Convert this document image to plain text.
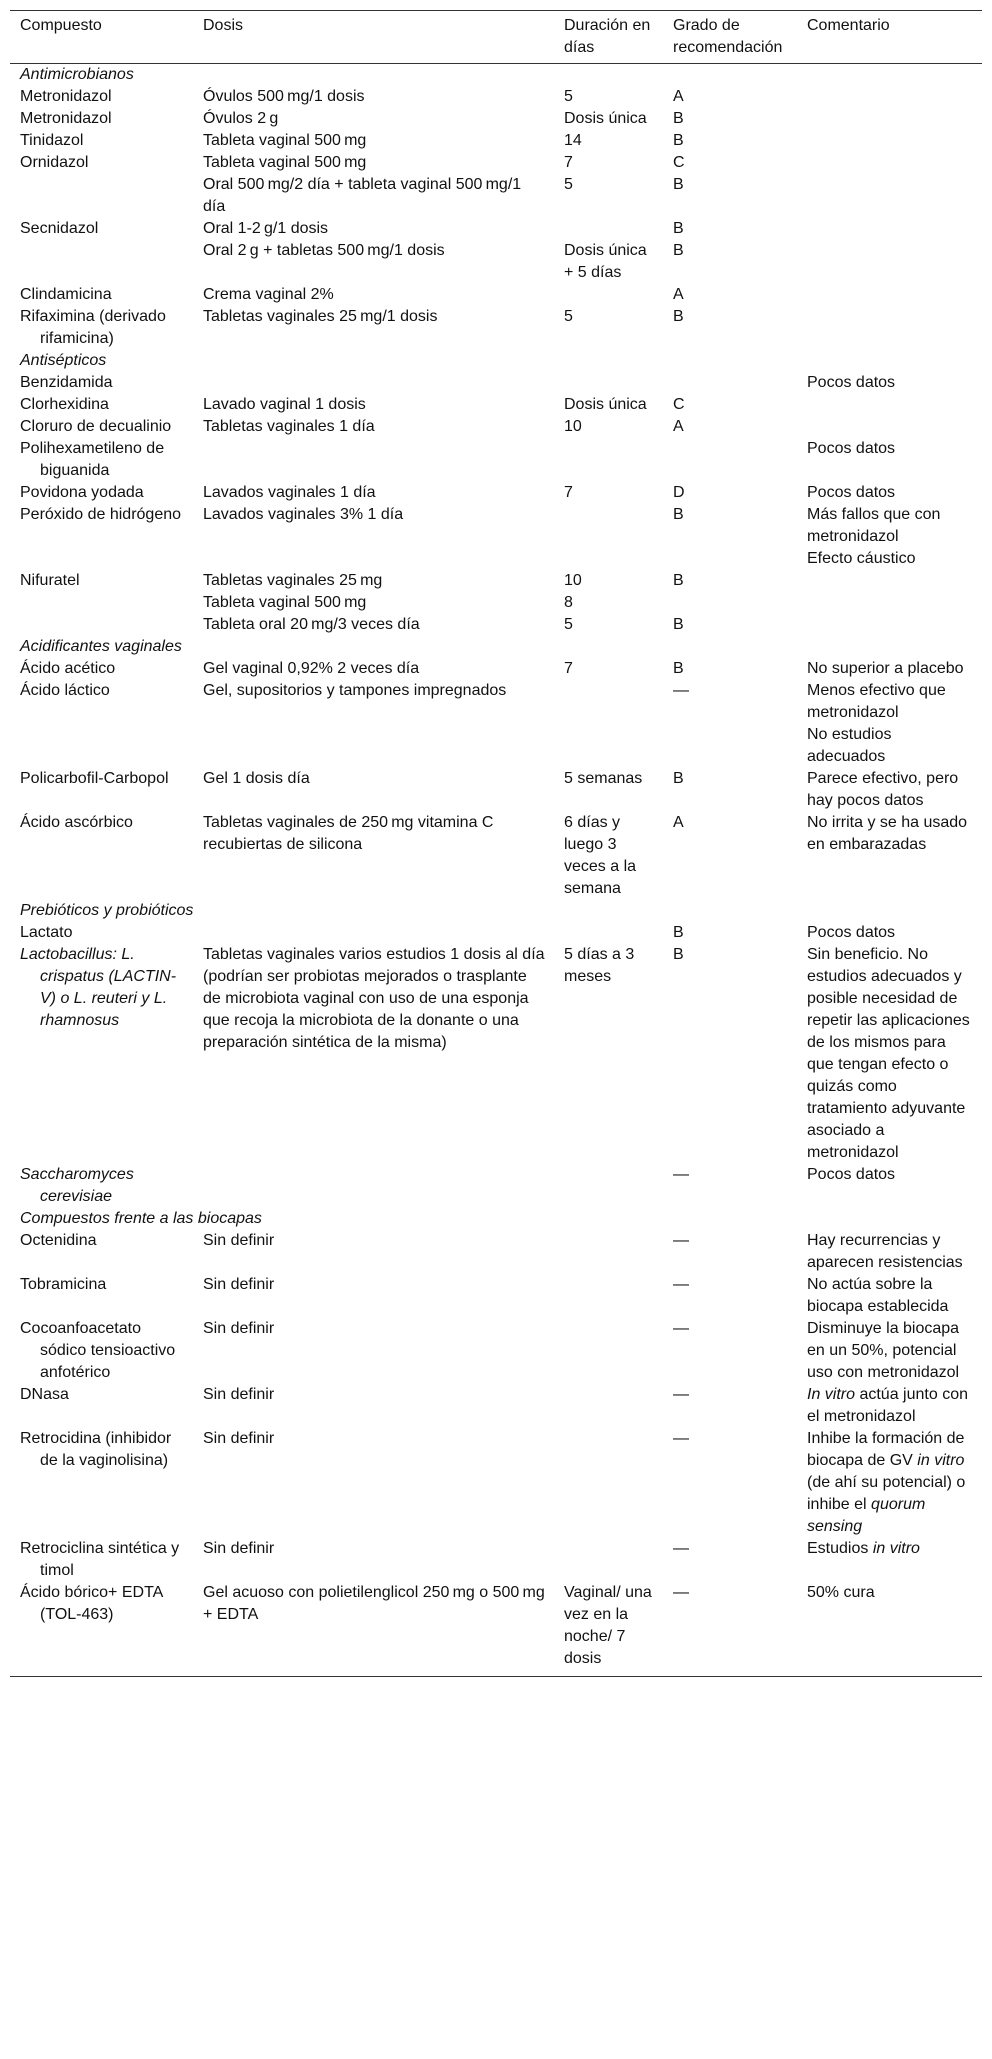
Compuesto	Dosis	Duración en días	Grado de recomendación	Comentario
Antimicrobianos				

Metronidazol	Óvulos 500 mg/1 dosis	5	A	

Metronidazol	Óvulos 2 g	Dosis única	B	

Tinidazol	Tableta vaginal 500 mg	14	B	

Ornidazol	Tableta vaginal 500 mg	7	C	

	Oral 500 mg/2 día + tableta vaginal 500 mg/1 día	5	B	

Secnidazol	Oral 1-2 g/1 dosis		B	

	Oral 2 g + tabletas 500 mg/1 dosis	Dosis única + 5 días	B	

Clindamicina	Crema vaginal 2%		A	

Rifaximina (derivado rifamicina)	Tabletas vaginales 25 mg/1 dosis	5	B	

Antisépticos				

Benzidamida				Pocos datos

Clorhexidina	Lavado vaginal 1 dosis	Dosis única	C	

Cloruro de decualinio	Tabletas vaginales 1 día	10	A	

Polihexametileno de biguanida				Pocos datos

Povidona yodada	Lavados vaginales 1 día	7	D	Pocos datos

Peróxido de hidrógeno	Lavados vaginales 3% 1 día		B	Más fallos que con metronidazol
Efecto cáustico

Nifuratel	Tabletas vaginales 25 mg	10	B	

	Tableta vaginal 500 mg	8		

	Tableta oral 20 mg/3 veces día	5	B	

Acidificantes vaginales				

Ácido acético	Gel vaginal 0,92% 2 veces día	7	B	No superior a placebo

Ácido láctico	Gel, supositorios y tampones impregnados		—	Menos efectivo que metronidazol
No estudios adecuados

Policarbofil-Carbopol	Gel 1 dosis día	5 semanas	B	Parece efectivo, pero hay pocos datos

Ácido ascórbico	Tabletas vaginales de 250 mg vitamina C recubiertas de silicona	6 días y luego 3 veces a la semana	A	No irrita y se ha usado en embarazadas

Prebióticos y probióticos				

Lactato			B	Pocos datos

Lactobacillus: L. crispatus (LACTIN-V) o L. reuteri y L. rhamnosus	Tabletas vaginales varios estudios 1 dosis al día (podrían ser probiotas mejorados o trasplante de microbiota vaginal con uso de una esponja que recoja la microbiota de la donante o una preparación sintética de la misma)	5 días a 3 meses	B	Sin beneficio. No estudios adecuados y posible necesidad de repetir las aplicaciones de los mismos para que tengan efecto o quizás como tratamiento adyuvante asociado a metronidazol

Saccharomyces cerevisiae			—	Pocos datos

Compuestos frente a las biocapas				

Octenidina	Sin definir		—	Hay recurrencias y aparecen resistencias

Tobramicina	Sin definir		—	No actúa sobre la biocapa establecida

Cocoanfoacetato sódico tensioactivo anfotérico	Sin definir		—	Disminuye la biocapa en un 50%, potencial uso con metronidazol

DNasa	Sin definir		—	In vitro actúa junto con el metronidazol

Retrocidina (inhibidor de la vaginolisina)	Sin definir		—	Inhibe la formación de biocapa de GV in vitro (de ahí su potencial) o inhibe el quorum sensing

Retrociclina sintética y timol	Sin definir		—	Estudios in vitro

Ácido bórico+ EDTA (TOL-463)	Gel acuoso con polietilenglicol 250 mg o 500 mg + EDTA	Vaginal/ una vez en la noche/ 7 dosis	—	50% cura
